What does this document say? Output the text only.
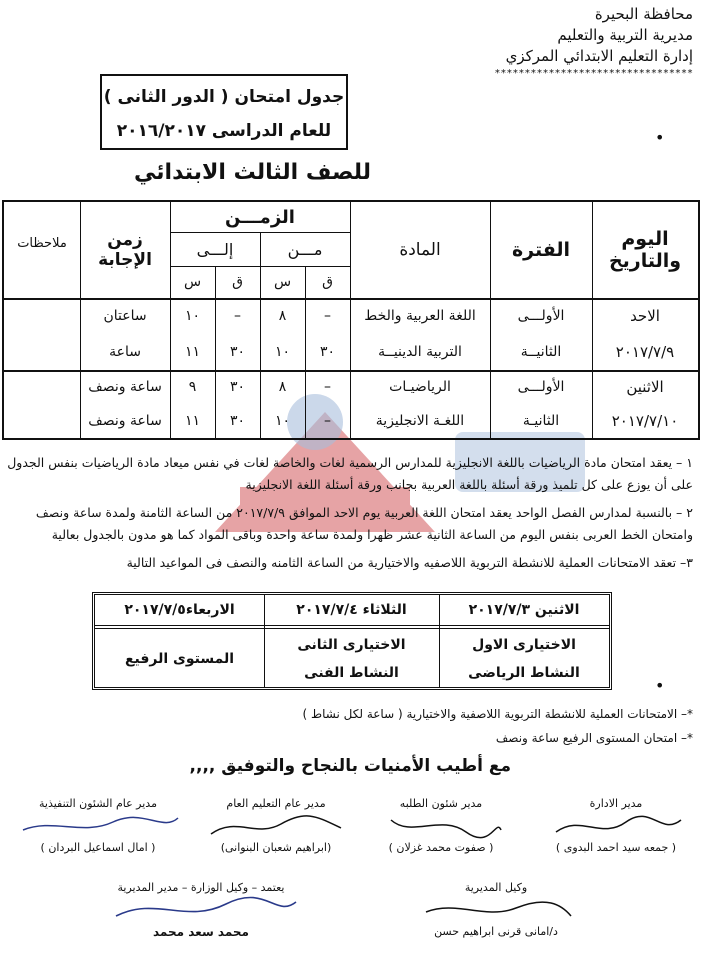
محافظة البحيرة
مديرية التربية والتعليم
إدارة التعليم الابتدائي المركزي
*********************************
جدول امتحان ( الدور الثانى )
للعام الدراسى ٢٠١٦/٢٠١٧	•
للصف الثالث الابتدائي
اليوم والتاريخ
الفترة
المادة
الزمـــن
مـــن
إلـــى
ق
س
ق
س
زمن الإجابة
ملاحظات
الاحد
٢٠١٧/٧/٩
الأولـــى
اللغة العربية والخط
–
٨
–
١٠
ساعتان
الثانيــة
التربية الدينيــة
٣٠
١٠
٣٠
١١
ساعة
الاثنين
٢٠١٧/٧/١٠
الأولـــى
الرياضيـات
–
٨
٣٠
٩
ساعة ونصف
الثانيـة
اللغـة الانجليزية
–
١٠
٣٠
١١
ساعة ونصف

١ – يعقد امتحان مادة الرياضيات باللغة الانجليزية للمدارس الرسمية لغات والخاصة لغات في نفس ميعاد مادة الرياضيات بنفس الجدول على أن يوزع على كل تلميذ ورقة أسئلة باللغة العربية بجانب ورقة أسئلة اللغة الانجليزية

٢ – بالنسبة لمدارس الفصل الواحد يعقد امتحان اللغة العربية يوم الاحد الموافق ٢٠١٧/٧/٩ من الساعة الثامنة ولمدة ساعة ونصف وامتحان الخط العربى بنفس اليوم من الساعة الثانية عشر ظهرا ولمدة ساعة واحدة وباقى المواد كما هو مدون بالجدول بعالية

٣– تعقد الامتحانات العملية للانشطة التربوية اللاصفيه والاختيارية من الساعة الثامنه والنصف فى المواعيد التالية

الاثنين ٢٠١٧/٧/٣
الثلاثاء ٢٠١٧/٧/٤
الاربعاء٢٠١٧/٧/٥
الاختيارى الاول
النشاط الرياضى
الاختيارى الثانى
النشاط الفنى
المستوى الرفيع
•
*– الامتحانات العملية للانشطة التربوية اللاصفية والاختيارية ( ساعة لكل نشاط )
*– امتحان المستوى الرفيع ساعة ونصف
مع أطيب الأمنيات بالنجاح والتوفيق ,,,,
مدير الادارة
( جمعه سيد احمد البدوى )
مدير شئون الطلبه
( صفوت محمد غزلان )
مدير عام التعليم العام
(ابراهيم شعبان البنوانى)
مدير عام الشئون التنفيذية
( امال اسماعيل البردان )
وكيل المديرية
د/امانى قرنى ابراهيم حسن
يعتمد – وكيل الوزارة – مدير المديرية
محمد سعد محمد
